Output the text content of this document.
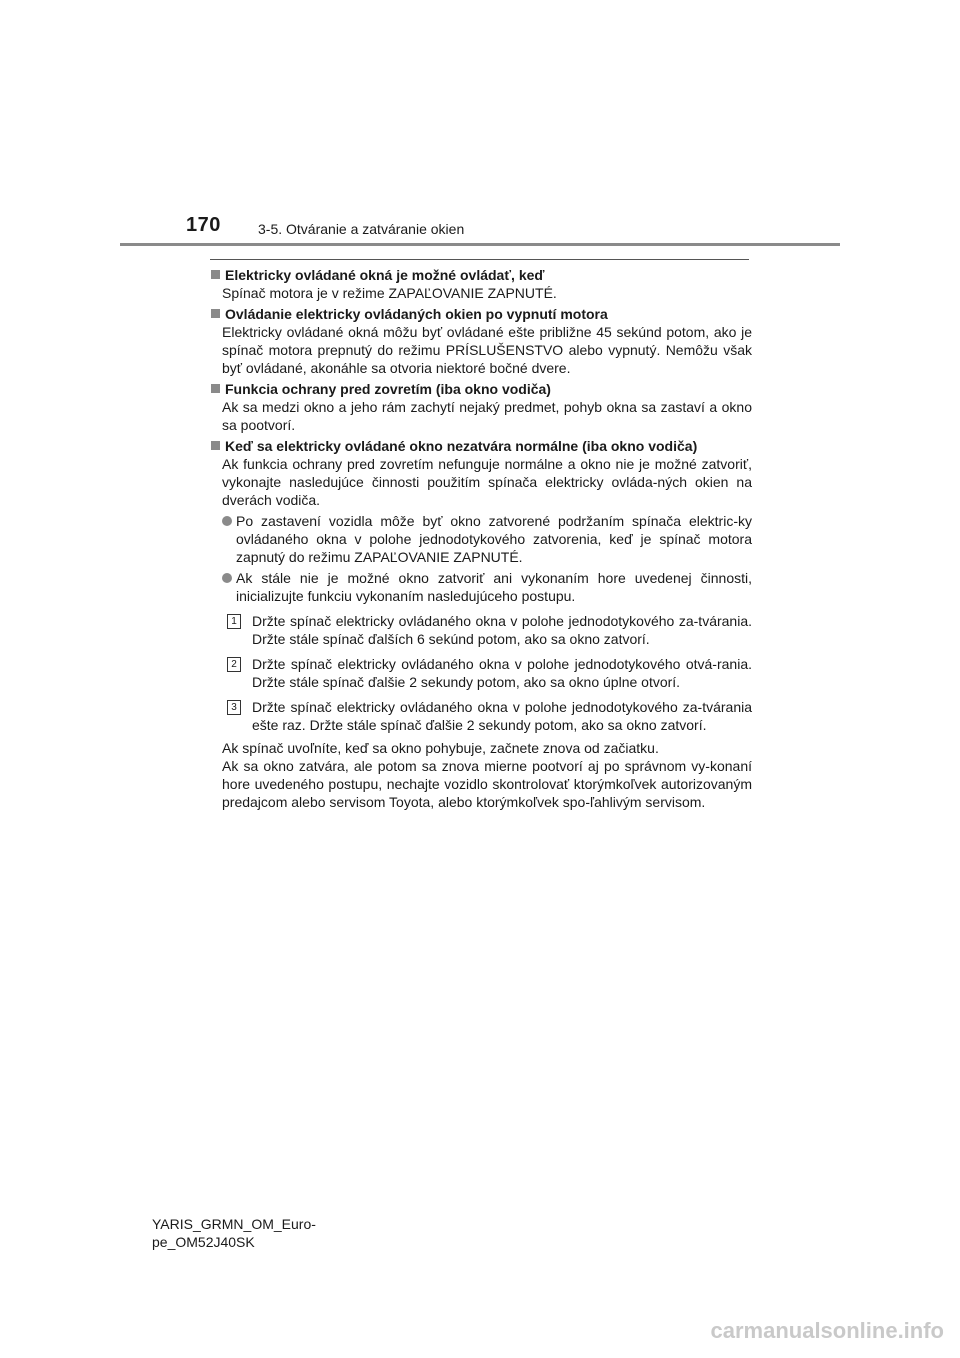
170	3-5. Otváranie a zatváranie okien
Elektricky ovládané okná je možné ovládať, keď
Spínač motora je v režime ZAPAĽOVANIE ZAPNUTÉ.
Ovládanie elektricky ovládaných okien po vypnutí motora
Elektricky ovládané okná môžu byť ovládané ešte približne 45 sekúnd potom, ako je spínač motora prepnutý do režimu PRÍSLUŠENSTVO alebo vypnutý. Nemôžu však byť ovládané, akonáhle sa otvoria niektoré bočné dvere.
Funkcia ochrany pred zovretím (iba okno vodiča)
Ak sa medzi okno a jeho rám zachytí nejaký predmet, pohyb okna sa zastaví a okno sa pootvorí.
Keď sa elektricky ovládané okno nezatvára normálne (iba okno vodiča)
Ak funkcia ochrany pred zovretím nefunguje normálne a okno nie je možné zatvoriť, vykonajte nasledujúce činnosti použitím spínača elektricky ovláda-ných okien na dverách vodiča.
Po zastavení vozidla môže byť okno zatvorené podržaním spínača elektric-ky ovládaného okna v polohe jednodotykového zatvorenia, keď je spínač motora zapnutý do režimu ZAPAĽOVANIE ZAPNUTÉ.
Ak stále nie je možné okno zatvoriť ani vykonaním hore uvedenej činnosti, inicializujte funkciu vykonaním nasledujúceho postupu.
1	Držte spínač elektricky ovládaného okna v polohe jednodotykového za-tvárania. Držte stále spínač ďalších 6 sekúnd potom, ako sa okno zatvorí.
2	Držte spínač elektricky ovládaného okna v polohe jednodotykového otvá-rania. Držte stále spínač ďalšie 2 sekundy potom, ako sa okno úplne otvorí.
3	Držte spínač elektricky ovládaného okna v polohe jednodotykového za-tvárania ešte raz. Držte stále spínač ďalšie 2 sekundy potom, ako sa okno zatvorí.
Ak spínač uvoľníte, keď sa okno pohybuje, začnete znova od začiatku.
Ak sa okno zatvára, ale potom sa znova mierne pootvorí aj po správnom vy-konaní hore uvedeného postupu, nechajte vozidlo skontrolovať ktorýmkoľvek autorizovaným predajcom alebo servisom Toyota, alebo ktorýmkoľvek spo-ľahlivým servisom.
YARIS_GRMN_OM_Euro-
pe_OM52J40SK
carmanualsonline.info
